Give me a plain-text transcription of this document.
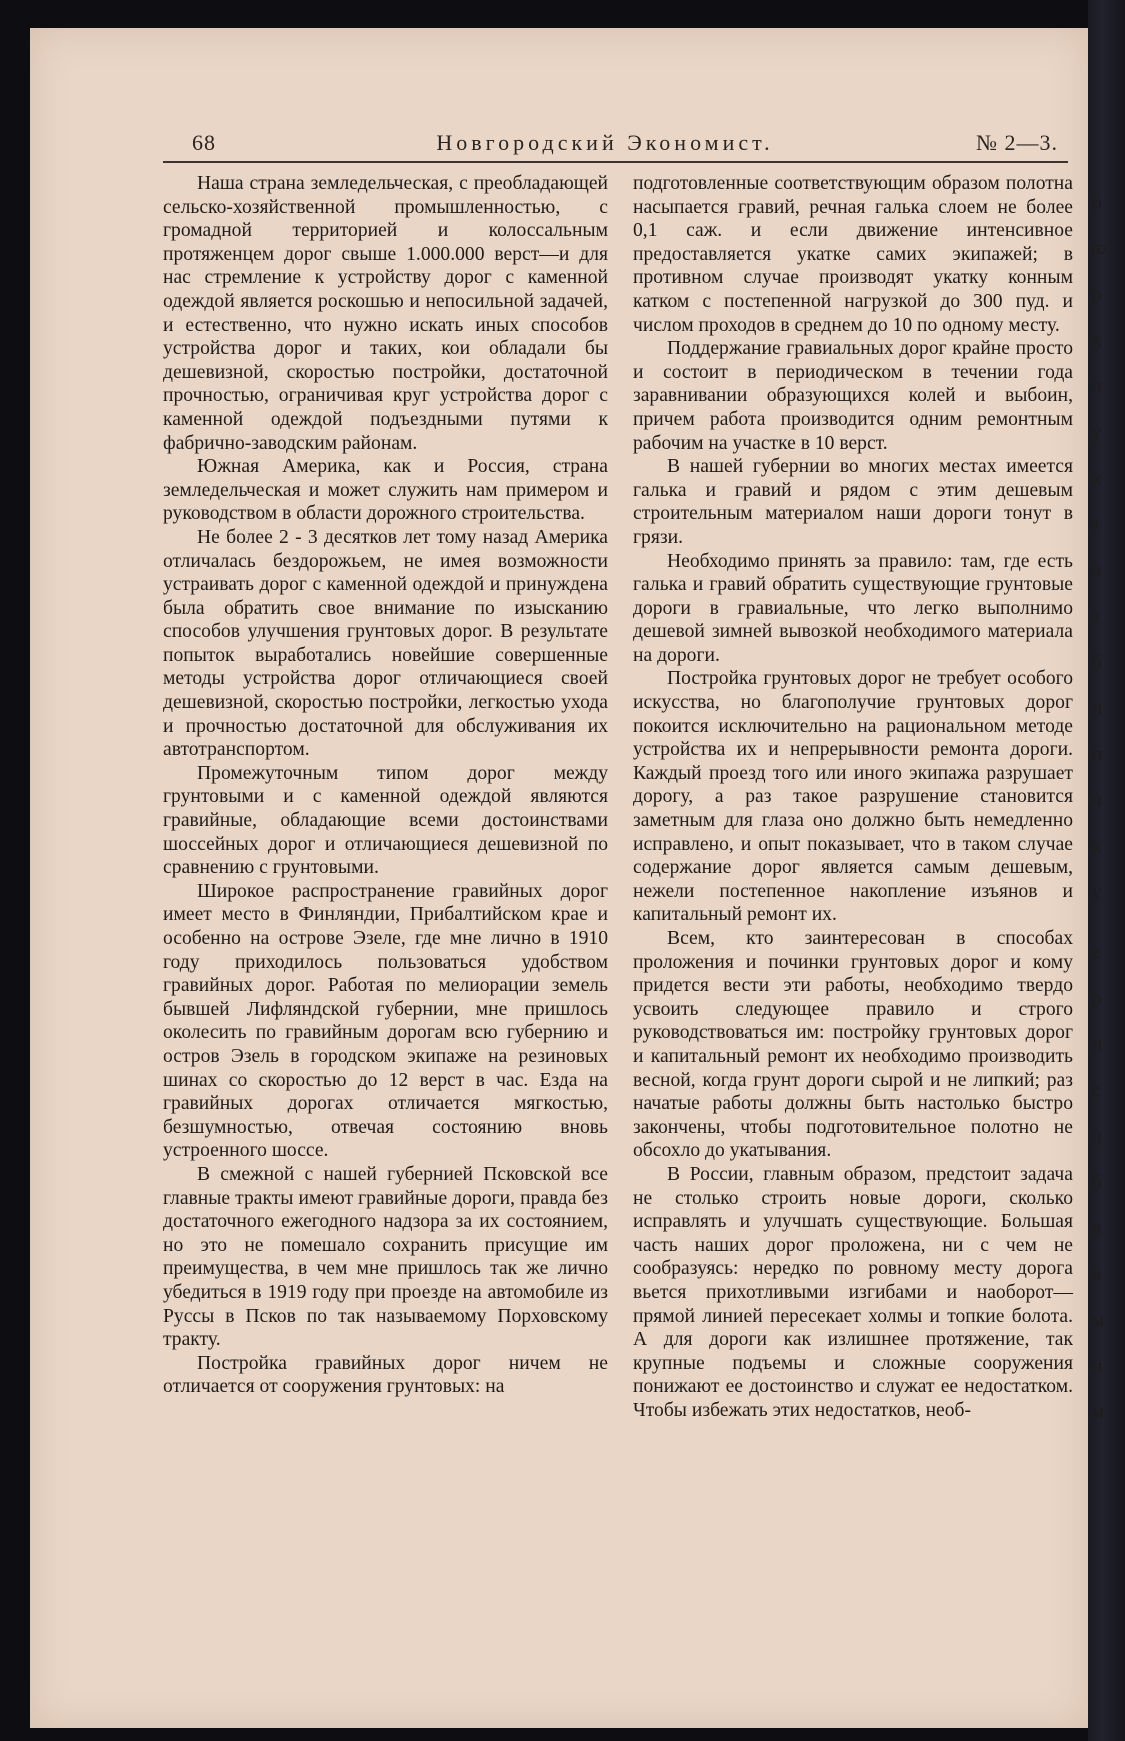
68	Новгородский Экономист.	№ 2—3.

Наша страна земледельческая, с преобладающей сельско-хозяйственной промышленностью, с громадной территорией и колоссальным протяженцем дорог свыше 1.000.000 верст—и для нас стремление к устройству дорог с каменной одеждой является роскошью и непосильной задачей, и естественно, что нужно искать иных способов устройства дорог и таких, кои обладали бы дешевизной, скоростью постройки, достаточной прочностью, ограничивая круг устройства дорог с каменной одеждой подъездными путями к фабрично-заводским районам.

Южная Америка, как и Россия, страна земледельческая и может служить нам примером и руководством в области дорожного строительства.

Не более 2 - 3 десятков лет тому назад Америка отличалась бездорожьем, не имея возможности устраивать дорог с каменной одеждой и принуждена была обратить свое внимание по изысканию способов улучшения грунтовых дорог. В результате попыток выработались новейшие совершенные методы устройства дорог отличающиеся своей дешевизной, скоростью постройки, легкостью ухода и прочностью достаточной для обслуживания их автотранспортом.

Промежуточным типом дорог между грунтовыми и с каменной одеждой являются гравийные, обладающие всеми достоинствами шоссейных дорог и отличающиеся дешевизной по сравнению с грунтовыми.

Широкое распространение гравийных дорог имеет место в Финляндии, Прибалтийском крае и особенно на острове Эзеле, где мне лично в 1910 году приходилось пользоваться удобством гравийных дорог. Работая по мелиорации земель бывшей Лифляндской губернии, мне пришлось околесить по гравийным дорогам всю губернию и остров Эзель в городском экипаже на резиновых шинах со скоростью до 12 верст в час. Езда на гравийных дорогах отличается мягкостью, безшумностью, отвечая состоянию вновь устроенного шоссе.

В смежной с нашей губернией Псковской все главные тракты имеют гравийные дороги, правда без достаточного ежегодного надзора за их состоянием, но это не помешало сохранить присущие им преимущества, в чем мне пришлось так же лично убедиться в 1919 году при проезде на автомобиле из Руссы в Псков по так называемому Порховскому тракту.

Постройка гравийных дорог ничем не отличается от сооружения грунтовых: на

подготовленные соответствующим образом полотна насыпается гравий, речная галька слоем не более 0,1 саж. и если движение интенсивное предоставляется укатке самих экипажей; в противном случае производят укатку конным катком с постепенной нагрузкой до 300 пуд. и числом проходов в среднем до 10 по одному месту.

Поддержание гравиальных дорог крайне просто и состоит в периодическом в течении года заравнивании образующихся колей и выбоин, причем работа производится одним ремонтным рабочим на участке в 10 верст.

В нашей губернии во многих местах имеется галька и гравий и рядом с этим дешевым строительным материалом наши дороги тонут в грязи.

Необходимо принять за правило: там, где есть галька и гравий обратить существующие грунтовые дороги в гравиальные, что легко выполнимо дешевой зимней вывозкой необходимого материала на дороги.

Постройка грунтовых дорог не требует особого искусства, но благополучие грунтовых дорог покоится исключительно на рациональном методе устройства их и непрерывности ремонта дороги. Каждый проезд того или иного экипажа разрушает дорогу, а раз такое разрушение становится заметным для глаза оно должно быть немедленно исправлено, и опыт показывает, что в таком случае содержание дорог является самым дешевым, нежели постепенное накопление изъянов и капитальный ремонт их.

Всем, кто заинтересован в способах проложения и починки грунтовых дорог и кому придется вести эти работы, необходимо твердо усвоить следующее правило и строго руководствоваться им: постройку грунтовых дорог и капитальный ремонт их необходимо производить весной, когда грунт дороги сырой и не липкий; раз начатые работы должны быть настолько быстро закончены, чтобы подготовительное полотно не обсохло до укатывания.

В России, главным образом, предстоит задача не столько строить новые дороги, сколько исправлять и улучшать существующие. Большая часть наших дорог проложена, ни с чем не сообразуясь: нередко по ровному месту дорога вьется прихотливыми изгибами и наоборот—прямой линией пересекает холмы и топкие болота. А для дороги как излишнее протяжение, так крупные подъемы и сложные сооружения понижают ее достоинство и служат ее недостатком. Чтобы избежать этих недостатков, необ-

р
ю
р
к
л
у
к
т
ч
з
б
и
п
ч
к
у
е
р
и
с
л
б
в
в
м
н
м
